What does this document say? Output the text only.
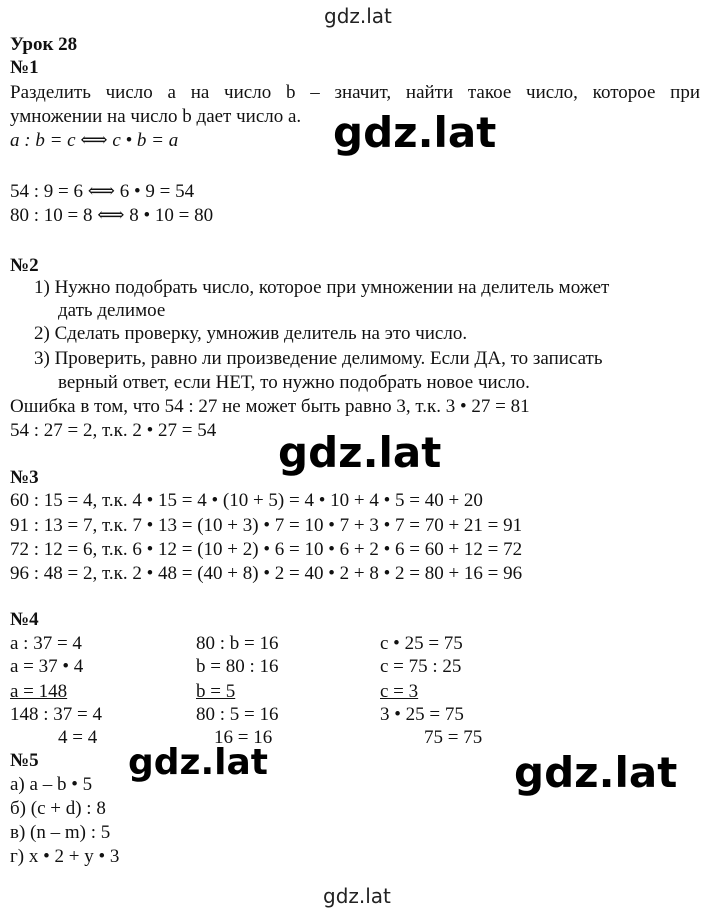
gdz.lat
gdz.lat
gdz.lat
gdz.lat	gdz.lat
gdz.lat
Урок 28
№1
Разделить число a на число b – значит, найти такое число, которое при
умножении на число b дает число a.
a : b = c ⟺ c • b = a
54 : 9 = 6 ⟺ 6 • 9 = 54
80 : 10 = 8 ⟺ 8 • 10 = 80
№2
1) Нужно подобрать число, которое при умножении на делитель может
дать делимое
2) Сделать проверку, умножив делитель на это число.
3) Проверить, равно ли произведение делимому. Если ДА, то записать
верный ответ, если НЕТ, то нужно подобрать новое число.
Ошибка в том, что 54 : 27 не может быть равно 3, т.к. 3 • 27 = 81
54 : 27 = 2, т.к. 2 • 27 = 54
№3
60 : 15 = 4, т.к. 4 • 15 = 4 • (10 + 5) = 4 • 10 + 4 • 5 = 40 + 20
91 : 13 = 7, т.к. 7 • 13 = (10 + 3) • 7 = 10 • 7 + 3 • 7 = 70 + 21 = 91
72 : 12 = 6, т.к. 6 • 12 = (10 + 2) • 6 = 10 • 6 + 2 • 6 = 60 + 12 = 72
96 : 48 = 2, т.к. 2 • 48 = (40 + 8) • 2 = 40 • 2 + 8 • 2 = 80 + 16 = 96
№4
a : 37 = 4
a = 37 • 4
a = 148
148 : 37 = 4
4 = 4
80 : b = 16
b = 80 : 16
b = 5
80 : 5 = 16
16 = 16
c • 25 = 75
c = 75 : 25
c = 3
3 • 25 = 75
75 = 75
№5
а) a – b • 5
б) (c + d) : 8
в) (n – m) : 5
г) x • 2 + y • 3
